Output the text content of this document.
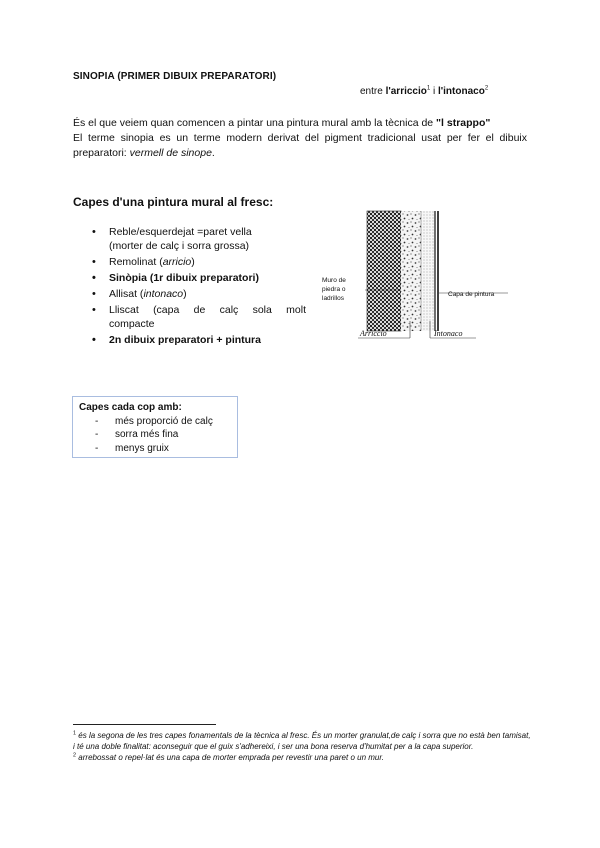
SINOPIA (PRIMER DIBUIX PREPARATORI)
entre l'arriccio$^1$ i l'intonaco$^2$

És el que veiem quan comencen a pintar una pintura mural amb la tècnica de "l strappo"

El terme sinopia es un terme modern derivat del pigment tradicional usat per fer el dibuix preparatori: vermell de sinope.

Capes d'una pintura mural al fresc:
• Reble/esquerdejat =paret vella
(morter de calç i sorra grossa)
• Remolinat (arricio)
• Sinòpia (1r dibuix preparatori)
• Allisat (intonaco)
• Lliscat (capa de calç sola molt
compacte
• 2n dibuix preparatori + pintura
Muro de
piedra o
ladrillos
Capa de pintura
Arriccio	Intonaco
Capes cada cop amb:
- més proporció de calç
- sorra més fina
- menys gruix

$^1$ és la segona de les tres capes fonamentals de la tècnica al fresc. És un morter granulat,de calç i sorra que no està ben tamisat, i té una doble finalitat: aconseguir que el guix s'adhereixi, i ser una bona reserva d'humitat per a la capa superior.

$^2$ arrebossat o repel·lat és una capa de morter emprada per revestir una paret o un mur.
